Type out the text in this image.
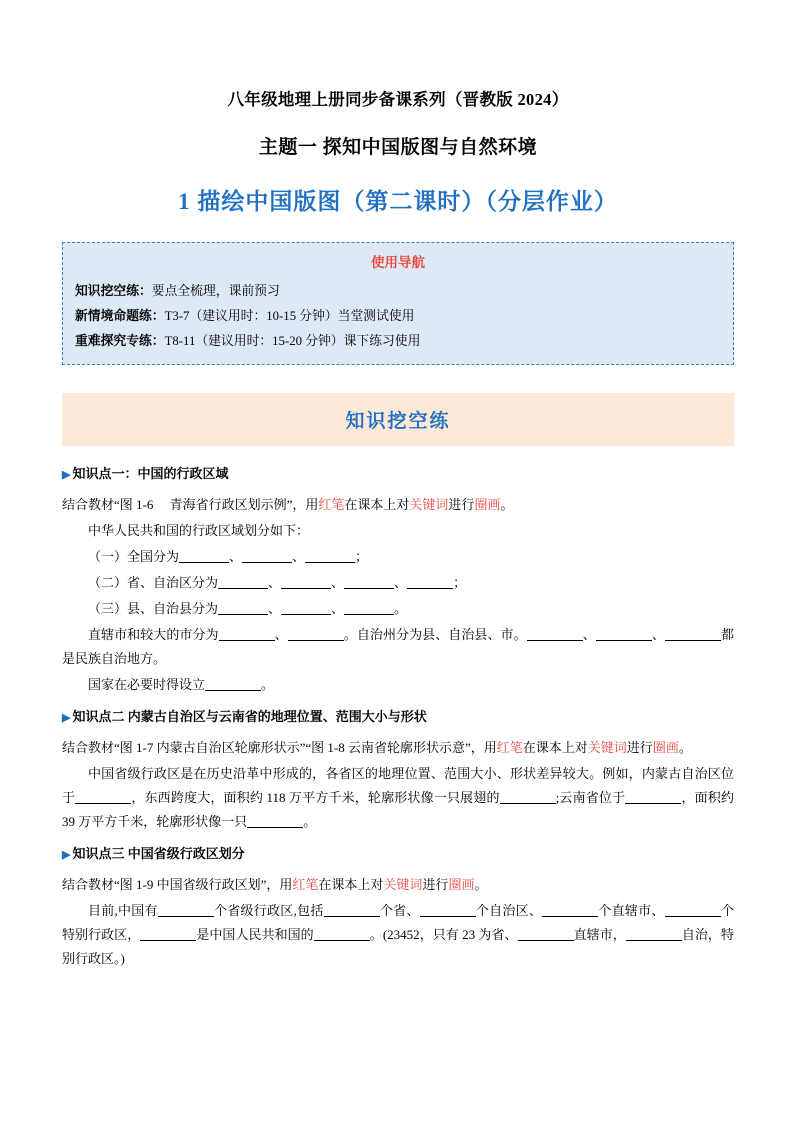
八年级地理上册同步备课系列（晋教版 2024）
主题一 探知中国版图与自然环境
1 描绘中国版图（第二课时）（分层作业）
使用导航
知识挖空练：要点全梳理，课前预习
新情境命题练：T3-7（建议用时：10-15 分钟）当堂测试使用
重难探究专练：T8-11（建议用时：15-20 分钟）课下练习使用
知识挖空练
▶ 知识点一：中国的行政区域
结合教材“图 1-6 　青海省行政区划示例”，用红笔在课本上对关键词进行圈画。
中华人民共和国的行政区域划分如下：
（一）全国分为	、	、	；
（二）省、自治区分为	、	、	、	；
（三）县、自治县分为	、	、	。
直辖市和较大的市分为	、	。自治州分为县、自治县、市。	、	、	都是民族自治地方。
国家在必要时得设立	。
▶ 知识点二 内蒙古自治区与云南省的地理位置、范围大小与形状
结合教材“图 1-7 内蒙古自治区轮廓形状示”“图 1-8 云南省轮廓形状示意”，用红笔在课本上对关键词进行圈画。
中国省级行政区是在历史沿革中形成的，各省区的地理位置、范围大小、形状差异较大。例如，内蒙古自治区位于	，东西跨度大，面积约 118 万平方千米，轮廓形状像一只展翅的	;云南省位于	，面积约 39 万平方千米，轮廓形状像一只	。
▶ 知识点三 中国省级行政区划分
结合教材“图 1-9 中国省级行政区划”，用红笔在课本上对关键词进行圈画。
目前,中国有	个省级行政区,包括	个省、	个自治区、	个直辖市、	个特别行政区，	是中国人民共和国的	。(23452，只有 23 为省、	直辖市，	自治，特别行政区。)
